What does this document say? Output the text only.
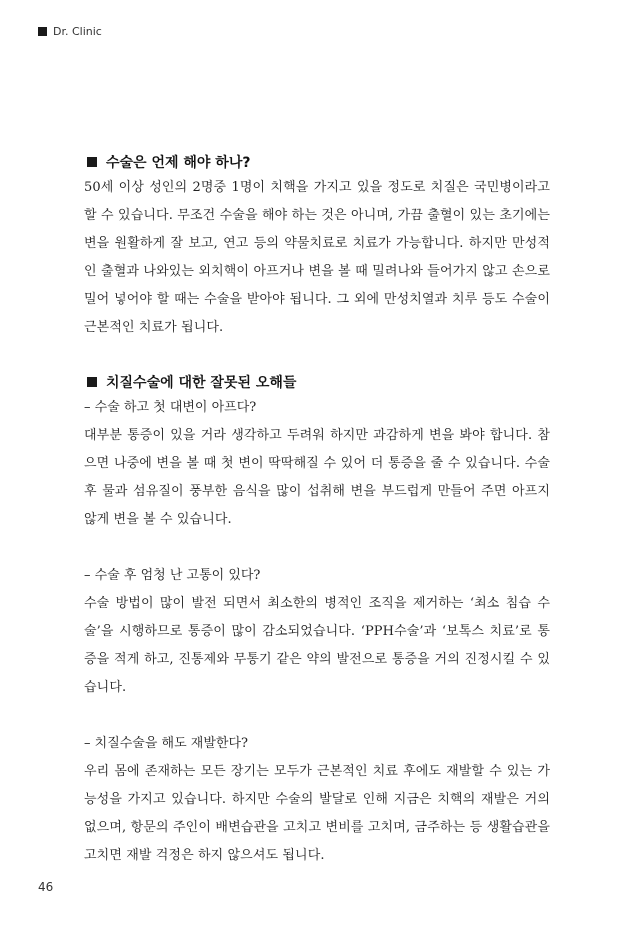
Dr. Clinic
수술은 언제 해야 하나?

50세 이상 성인의 2명중 1명이 치핵을 가지고 있을 정도로 치질은 국민병이라고 할 수 있습니다. 무조건 수술을 해야 하는 것은 아니며, 가끔 출혈이 있는 초기에는 변을 원활하게 잘 보고, 연고 등의 약물치료로 치료가 가능합니다. 하지만 만성적인 출혈과 나와있는 외치핵이 아프거나 변을 볼 때 밀려나와 들어가지 않고 손으로 밀어 넣어야 할 때는 수술을 받아야 됩니다. 그 외에 만성치열과 치루 등도 수술이 근본적인 치료가 됩니다.

치질수술에 대한 잘못된 오해들

– 수술 하고 첫 대변이 아프다?

대부분 통증이 있을 거라 생각하고 두려워 하지만 과감하게 변을 봐야 합니다. 참으면 나중에 변을 볼 때 첫 변이 딱딱해질 수 있어 더 통증을 줄 수 있습니다. 수술 후 물과 섬유질이 풍부한 음식을 많이 섭취해 변을 부드럽게 만들어 주면 아프지 않게 변을 볼 수 있습니다.

– 수술 후 엄청 난 고통이 있다?

수술 방법이 많이 발전 되면서 최소한의 병적인 조직을 제거하는 ‘최소 침습 수술’을 시행하므로 통증이 많이 감소되었습니다. ‘PPH수술’과 ‘보톡스 치료’로 통증을 적게 하고, 진통제와 무통기 같은 약의 발전으로 통증을 거의 진정시킬 수 있습니다.

– 치질수술을 해도 재발한다?

우리 몸에 존재하는 모든 장기는 모두가 근본적인 치료 후에도 재발할 수 있는 가능성을 가지고 있습니다. 하지만 수술의 발달로 인해 지금은 치핵의 재발은 거의 없으며, 항문의 주인이 배변습관을 고치고 변비를 고치며, 금주하는 등 생활습관을 고치면 재발 걱정은 하지 않으셔도 됩니다.

46
